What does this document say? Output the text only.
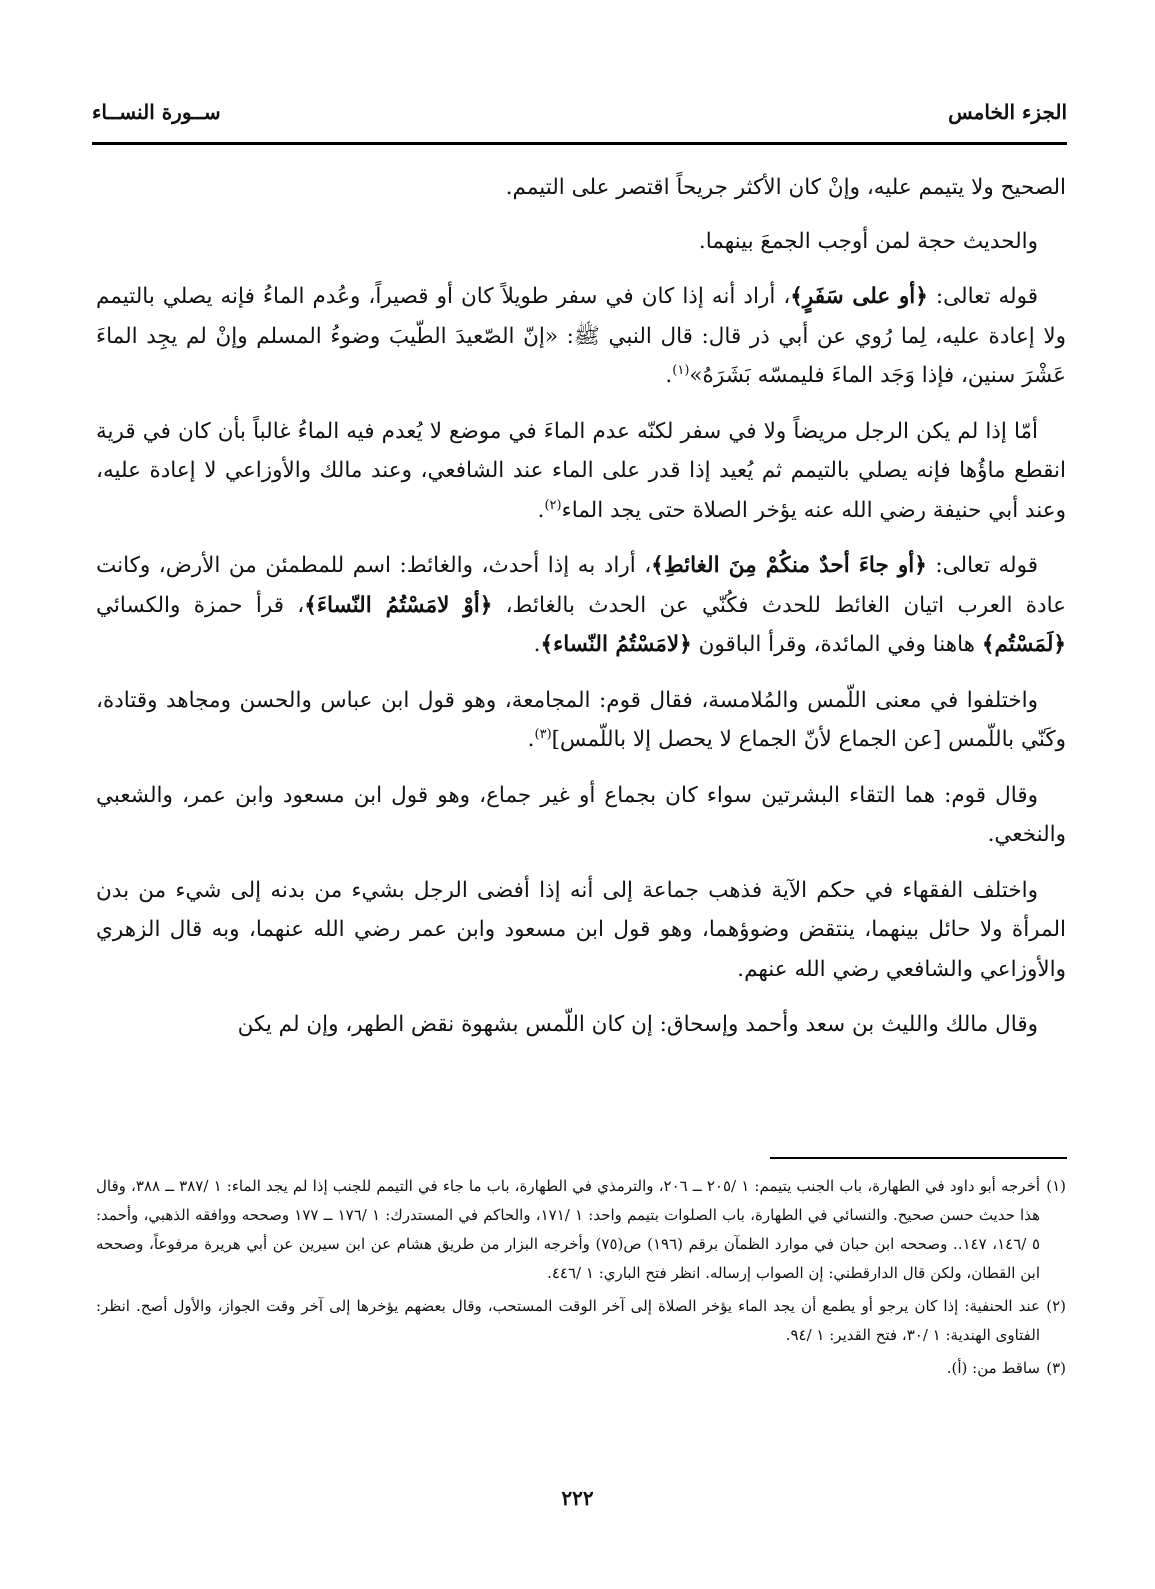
الجزء الخامس
ســورة النســاء

الصحيح ولا يتيمم عليه، وإنْ كان الأكثر جريحاً اقتصر على التيمم.

والحديث حجة لمن أوجب الجمعَ بينهما.

قوله تعالى: ﴿أو على سَفَرٍ﴾، أراد أنه إذا كان في سفر طويلاً كان أو قصيراً، وعُدم الماءُ فإنه يصلي بالتيمم ولا إعادة عليه، لِما رُوي عن أبي ذر قال: قال النبي ﷺ: «إنّ الصّعيدَ الطّيبَ وضوءُ المسلم وإنْ لم يجِد الماءَ عَشْرَ سنين، فإذا وَجَد الماءَ فليمسّه بَشَرَهُ»$^{(١)}$.

أمّا إذا لم يكن الرجل مريضاً ولا في سفر لكنّه عدم الماءَ في موضع لا يُعدم فيه الماءُ غالباً بأن كان في قرية انقطع ماؤُها فإنه يصلي بالتيمم ثم يُعيد إذا قدر على الماء عند الشافعي، وعند مالك والأوزاعي لا إعادة عليه، وعند أبي حنيفة رضي الله عنه يؤخر الصلاة حتى يجد الماء$^{(٢)}$.

قوله تعالى: ﴿أو جاءَ أحدٌ منكُمْ مِنَ الغائطِ﴾، أراد به إذا أحدث، والغائط: اسم للمطمئن من الأرض، وكانت عادة العرب اتيان الغائط للحدث فكُنّي عن الحدث بالغائط، ﴿أوْ لامَسْتُمُ النّساءَ﴾، قرأ حمزة والكسائي ﴿لَمَسْتُم﴾ هاهنا وفي المائدة، وقرأ الباقون ﴿لامَسْتُمُ النّساء﴾.

واختلفوا في معنى اللّمس والمُلامسة، فقال قوم: المجامعة، وهو قول ابن عباس والحسن ومجاهد وقتادة، وكَنّي باللّمس [عن الجماع لأنّ الجماع لا يحصل إلا باللّمس]$^{(٣)}$.

وقال قوم: هما التقاء البشرتين سواء كان بجماع أو غير جماع، وهو قول ابن مسعود وابن عمر، والشعبي والنخعي.

واختلف الفقهاء في حكم الآية فذهب جماعة إلى أنه إذا أفضى الرجل بشيء من بدنه إلى شيء من بدن المرأة ولا حائل بينهما، ينتقض وضوؤهما، وهو قول ابن مسعود وابن عمر رضي الله عنهما، وبه قال الزهري والأوزاعي والشافعي رضي الله عنهم.

وقال مالك والليث بن سعد وأحمد وإسحاق: إن كان اللّمس بشهوة نقض الطهر، وإن لم يكن

(١)
أخرجه أبو داود في الطهارة، باب الجنب يتيمم: ١ /٢٠٥ ــ ٢٠٦، والترمذي في الطهارة، باب ما جاء في التيمم للجنب إذا لم يجد الماء: ١ /٣٨٧ ــ ٣٨٨، وقال هذا حديث حسن صحيح. والنسائي في الطهارة، باب الصلوات بتيمم واحد: ١ /١٧١، والحاكم في المستدرك: ١ /١٧٦ ــ ١٧٧ وصححه ووافقه الذهبي، وأحمد: ٥ /١٤٦، ١٤٧.. وصححه ابن حبان في موارد الظمآن برقم (١٩٦) ص(٧٥) وأخرجه البزار من طريق هشام عن ابن سيرين عن أبي هريرة مرفوعاً، وصححه ابن القطان، ولكن قال الدارقطني: إن الصواب إرساله. انظر فتح الباري: ١ /٤٤٦.
(٢)
عند الحنفية: إذا كان يرجو أو يطمع أن يجد الماء يؤخر الصلاة إلى آخر الوقت المستحب، وقال بعضهم يؤخرها إلى آخر وقت الجواز، والأول أصح. انظر: الفتاوى الهندية: ١ /٣٠، فتح القدير: ١ /٩٤.
(٣)
ساقط من: (أ).
٢٢٢
